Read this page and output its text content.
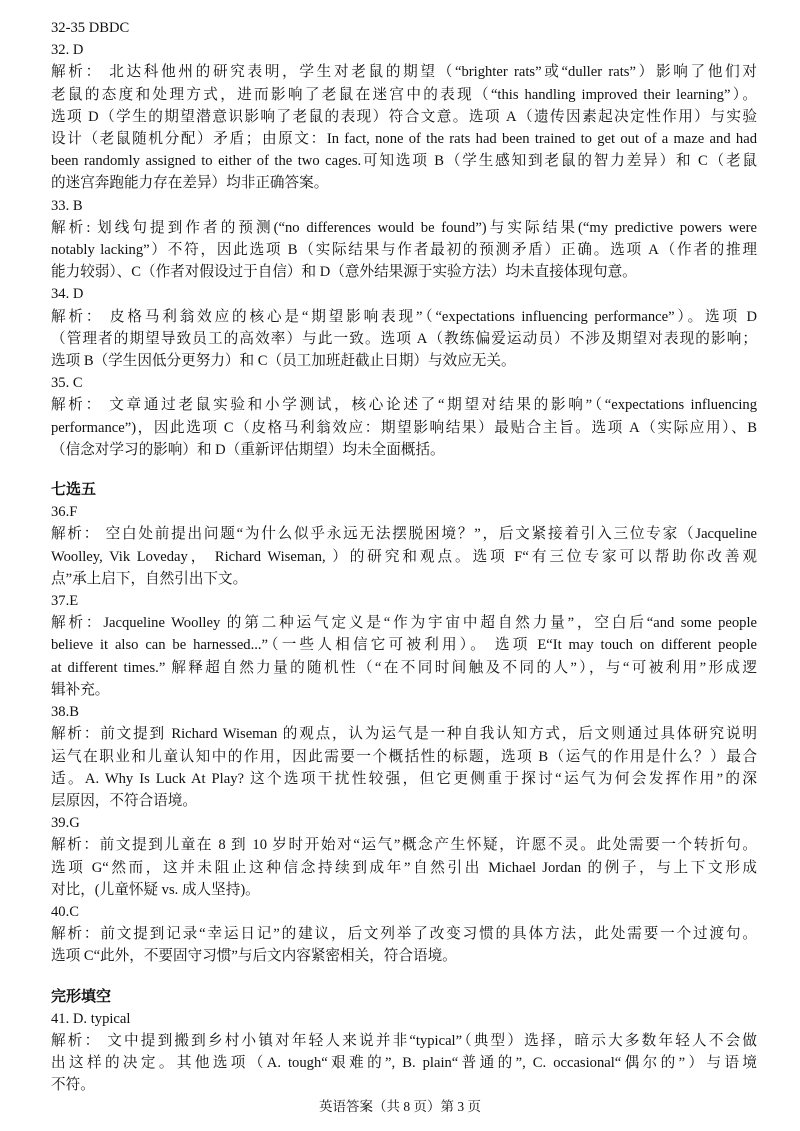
32-35 DBDC
32. D
解析： 北达科他州的研究表明，学生对老鼠的期望（“brighter rats”或“duller rats”）影响了他们对
老鼠的态度和处理方式，进而影响了老鼠在迷宫中的表现（“this handling improved their learning”）。
选项 D（学生的期望潜意识影响了老鼠的表现）符合文意。选项 A（遗传因素起决定性作用）与实验
设计（老鼠随机分配）矛盾；由原文：In fact, none of the rats had been trained to get out of a maze and had
been randomly assigned to either of the two cages.可知选项 B（学生感知到老鼠的智力差异）和 C（老鼠
的迷宫奔跑能力存在差异）均非正确答案。
33. B
解析: 划线句提到作者的预测(“no differences would be found”)与实际结果(“my predictive powers were
notably lacking”）不符，因此选项 B（实际结果与作者最初的预测矛盾）正确。选项 A（作者的推理
能力较弱）、C（作者对假设过于自信）和 D（意外结果源于实验方法）均未直接体现句意。
34. D
解析： 皮格马利翁效应的核心是“期望影响表现”（“expectations influencing performance”）。选项 D
（管理者的期望导致员工的高效率）与此一致。选项 A（教练偏爱运动员）不涉及期望对表现的影响；
选项 B（学生因低分更努力）和 C（员工加班赶截止日期）与效应无关。
35. C
解析： 文章通过老鼠实验和小学测试，核心论述了“期望对结果的影响”（“expectations influencing
performance”)，因此选项 C（皮格马利翁效应：期望影响结果）最贴合主旨。选项 A（实际应用）、B
（信念对学习的影响）和 D（重新评估期望）均未全面概括。
七选五
36.F
解析： 空白处前提出问题“为什么似乎永远无法摆脱困境？”，后文紧接着引入三位专家（Jacqueline
Woolley, Vik Loveday， Richard Wiseman, ）的研究和观点。选项 F“有三位专家可以帮助你改善观
点”承上启下，自然引出下文。
37.E
解析：Jacqueline Woolley 的第二种运气定义是“作为宇宙中超自然力量”，空白后“and some people
believe it also can be harnessed...”（一些人相信它可被利用）。 选项 E“It may touch on different people
at different times.” 解释超自然力量的随机性（“在不同时间触及不同的人”），与“可被利用”形成逻
辑补充。
38.B
解析：前文提到 Richard Wiseman 的观点，认为运气是一种自我认知方式，后文则通过具体研究说明
运气在职业和儿童认知中的作用，因此需要一个概括性的标题，选项 B（运气的作用是什么？）最合
适。A. Why Is Luck At Play? 这个选项干扰性较强，但它更侧重于探讨“运气为何会发挥作用”的深
层原因，不符合语境。
39.G
解析：前文提到儿童在 8 到 10 岁时开始对“运气”概念产生怀疑，许愿不灵。此处需要一个转折句。
选项 G“然而，这并未阻止这种信念持续到成年”自然引出 Michael Jordan 的例子，与上下文形成
对比，(儿童怀疑 vs. 成人坚持)。
40.C
解析：前文提到记录“幸运日记”的建议，后文列举了改变习惯的具体方法，此处需要一个过渡句。
选项 C“此外，不要固守习惯”与后文内容紧密相关，符合语境。
完形填空
41. D. typical
解析： 文中提到搬到乡村小镇对年轻人来说并非“typical”（典型）选择，暗示大多数年轻人不会做
出这样的决定。其他选项（A. tough“艰难的”, B. plain“普通的”, C. occasional“偶尔的”）与语境
不符。
英语答案（共 8 页）第 3 页
